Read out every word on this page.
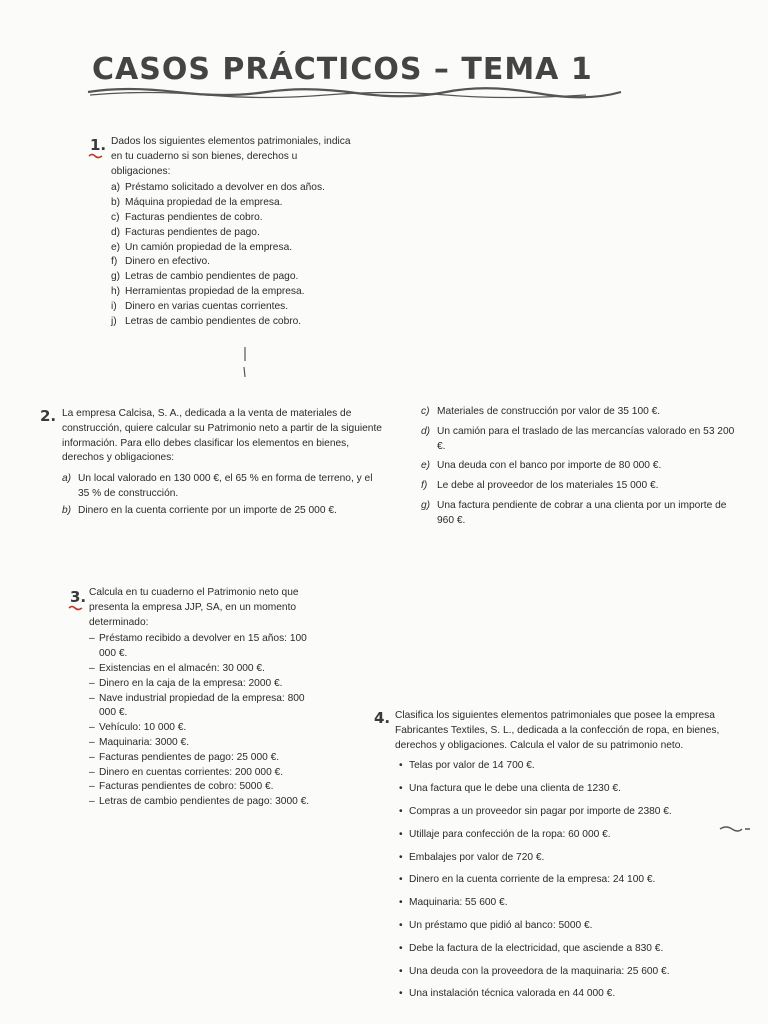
CASOS PRÁCTICOS – TEMA 1
1. Dados los siguientes elementos patrimoniales, indica en tu cuaderno si son bienes, derechos u obligaciones:

a) Préstamo solicitado a devolver en dos años.
b) Máquina propiedad de la empresa.
c) Facturas pendientes de cobro.
d) Facturas pendientes de pago.
e) Un camión propiedad de la empresa.
f) Dinero en efectivo.
g) Letras de cambio pendientes de pago.
h) Herramientas propiedad de la empresa.
i) Dinero en varias cuentas corrientes.
j) Letras de cambio pendientes de cobro.
2. La empresa Calcisa, S. A., dedicada a la venta de materiales de construcción, quiere calcular su Patrimonio neto a partir de la siguiente información. Para ello debes clasificar los elementos en bienes, derechos y obligaciones:

a) Un local valorado en 130 000 €, el 65 % en forma de terreno, y el 35 % de construcción.
b) Dinero en la cuenta corriente por un importe de 25 000 €.
c) Materiales de construcción por valor de 35 100 €.
d) Un camión para el traslado de las mercancías valorado en 53 200 €.
e) Una deuda con el banco por importe de 80 000 €.
f) Le debe al proveedor de los materiales 15 000 €.
g) Una factura pendiente de cobrar a una clienta por un importe de 960 €.
3. Calcula en tu cuaderno el Patrimonio neto que presenta la empresa JJP, SA, en un momento determinado:

– Préstamo recibido a devolver en 15 años: 100 000 €.
– Existencias en el almacén: 30 000 €.
– Dinero en la caja de la empresa: 2000 €.
– Nave industrial propiedad de la empresa: 800 000 €.
– Vehículo: 10 000 €.
– Maquinaria: 3000 €.
– Facturas pendientes de pago: 25 000 €.
– Dinero en cuentas corrientes: 200 000 €.
– Facturas pendientes de cobro: 5000 €.
– Letras de cambio pendientes de pago: 3000 €.
4. Clasifica los siguientes elementos patrimoniales que posee la empresa Fabricantes Textiles, S. L., dedicada a la confección de ropa, en bienes, derechos y obligaciones. Calcula el valor de su patrimonio neto.

• Telas por valor de 14 700 €.
• Una factura que le debe una clienta de 1230 €.
• Compras a un proveedor sin pagar por importe de 2380 €.
• Utillaje para confección de la ropa: 60 000 €.
• Embalajes por valor de 720 €.
• Dinero en la cuenta corriente de la empresa: 24 100 €.
• Maquinaria: 55 600 €.
• Un préstamo que pidió al banco: 5000 €.
• Debe la factura de la electricidad, que asciende a 830 €.
• Una deuda con la proveedora de la maquinaria: 25 600 €.
• Una instalación técnica valorada en 44 000 €.
